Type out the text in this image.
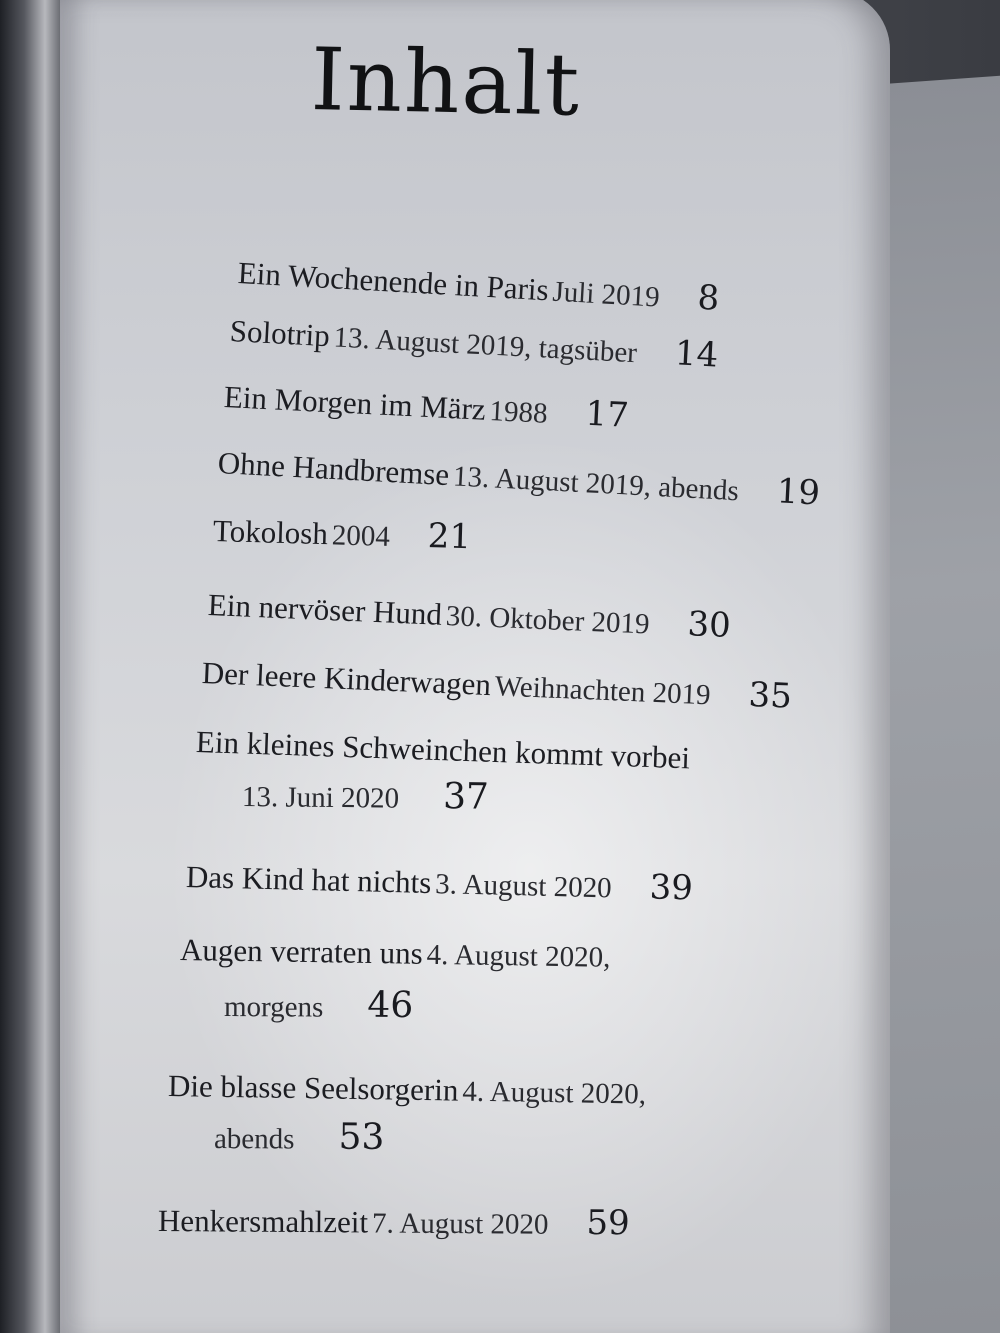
Inhalt
Ein Wochenende in Paris Juli 2019 8
Solotrip 13. August 2019, tagsüber 14
Ein Morgen im März 1988 17
Ohne Handbremse 13. August 2019, abends 19
Tokolosh 2004 21
Ein nervöser Hund 30. Oktober 2019 30
Der leere Kinderwagen Weihnachten 2019 35
Ein kleines Schweinchen kommt vorbei
13. Juni 2020 37
Das Kind hat nichts 3. August 2020 39
Augen verraten uns 4. August 2020,
morgens 46
Die blasse Seelsorgerin 4. August 2020,
abends 53
Henkersmahlzeit 7. August 2020 59
